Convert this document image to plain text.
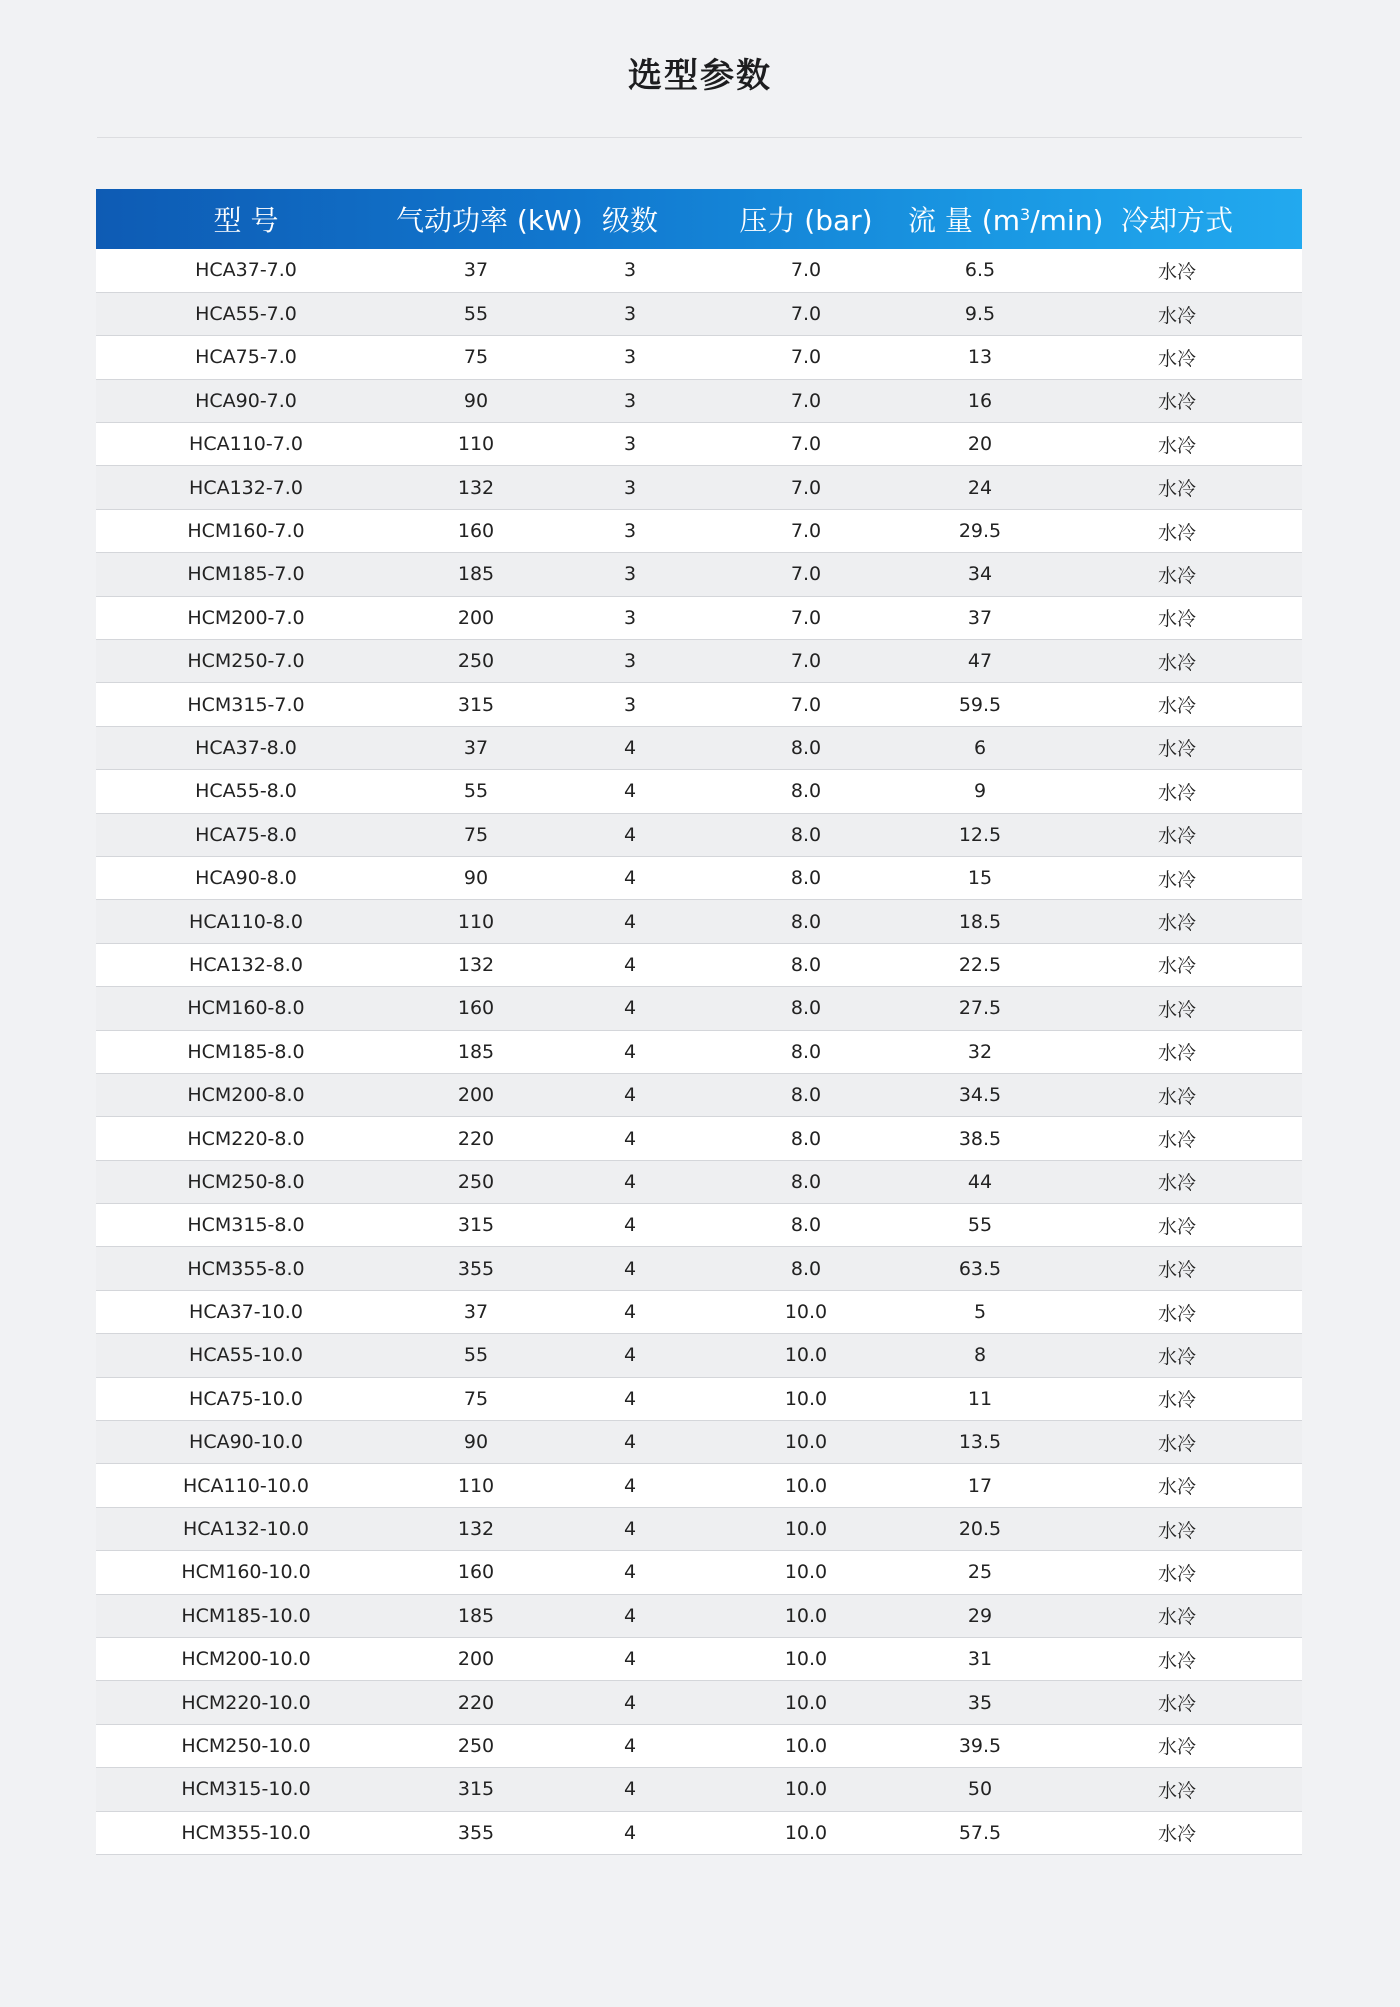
选型参数
型 号	气动功率 (kW)	级数	压力 (bar)	流 量 $(m^3/\min)$	冷却方式
HCA37-7.0	37	3	7.0	6.5	水冷
HCA55-7.0	55	3	7.0	9.5	水冷
HCA75-7.0	75	3	7.0	13	水冷
HCA90-7.0	90	3	7.0	16	水冷
HCA110-7.0	110	3	7.0	20	水冷
HCA132-7.0	132	3	7.0	24	水冷
HCM160-7.0	160	3	7.0	29.5	水冷
HCM185-7.0	185	3	7.0	34	水冷
HCM200-7.0	200	3	7.0	37	水冷
HCM250-7.0	250	3	7.0	47	水冷
HCM315-7.0	315	3	7.0	59.5	水冷
HCA37-8.0	37	4	8.0	6	水冷
HCA55-8.0	55	4	8.0	9	水冷
HCA75-8.0	75	4	8.0	12.5	水冷
HCA90-8.0	90	4	8.0	15	水冷
HCA110-8.0	110	4	8.0	18.5	水冷
HCA132-8.0	132	4	8.0	22.5	水冷
HCM160-8.0	160	4	8.0	27.5	水冷
HCM185-8.0	185	4	8.0	32	水冷
HCM200-8.0	200	4	8.0	34.5	水冷
HCM220-8.0	220	4	8.0	38.5	水冷
HCM250-8.0	250	4	8.0	44	水冷
HCM315-8.0	315	4	8.0	55	水冷
HCM355-8.0	355	4	8.0	63.5	水冷
HCA37-10.0	37	4	10.0	5	水冷
HCA55-10.0	55	4	10.0	8	水冷
HCA75-10.0	75	4	10.0	11	水冷
HCA90-10.0	90	4	10.0	13.5	水冷
HCA110-10.0	110	4	10.0	17	水冷
HCA132-10.0	132	4	10.0	20.5	水冷
HCM160-10.0	160	4	10.0	25	水冷
HCM185-10.0	185	4	10.0	29	水冷
HCM200-10.0	200	4	10.0	31	水冷
HCM220-10.0	220	4	10.0	35	水冷
HCM250-10.0	250	4	10.0	39.5	水冷
HCM315-10.0	315	4	10.0	50	水冷
HCM355-10.0	355	4	10.0	57.5	水冷
